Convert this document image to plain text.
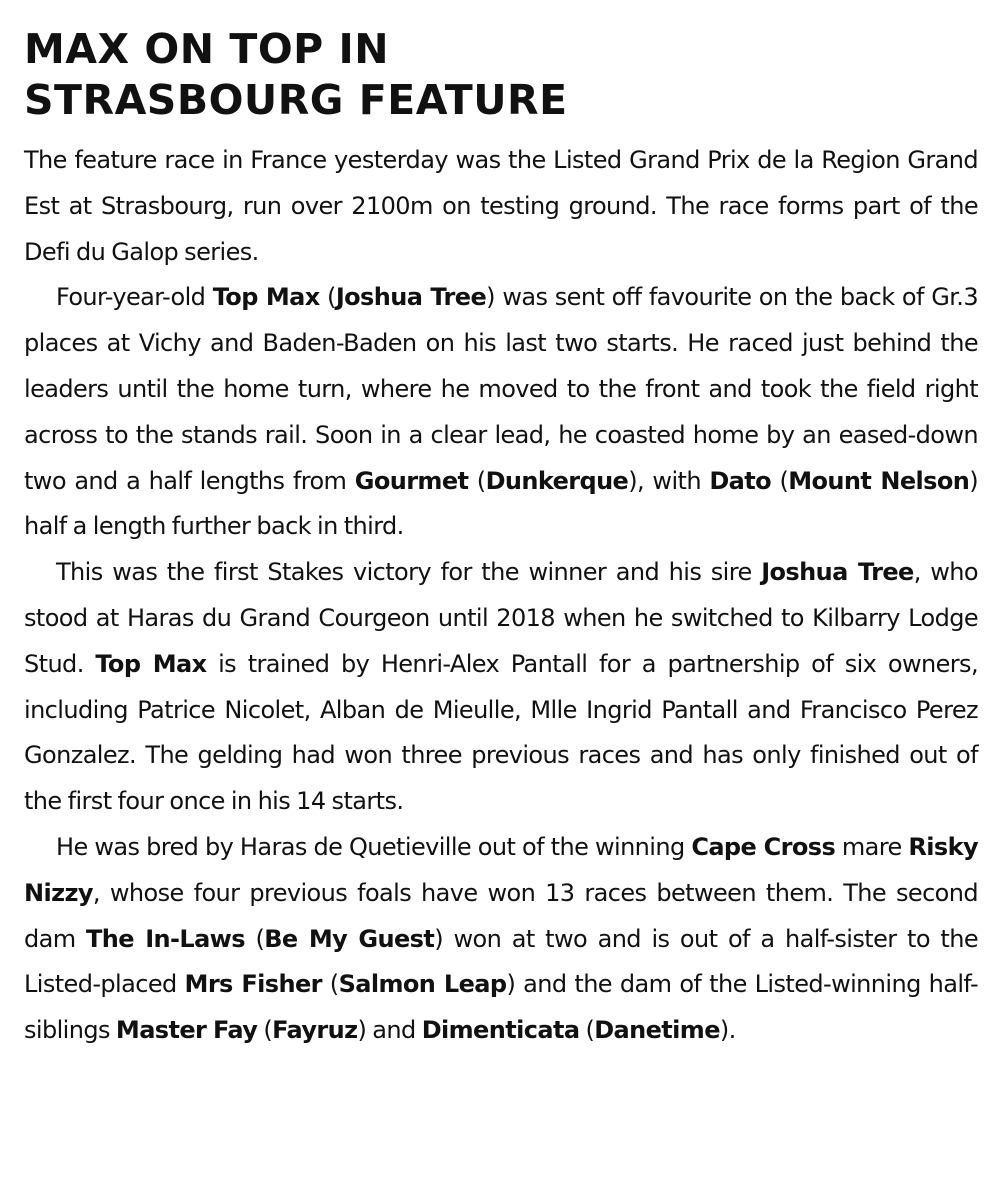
MAX ON TOP IN
STRASBOURG FEATURE

The feature race in France yesterday was the Listed Grand Prix de la Region Grand Est at Strasbourg, run over 2100m on testing ground. The race forms part of the Defi du Galop series.

Four-year-old Top Max (Joshua Tree) was sent off favourite on the back of Gr.3 places at Vichy and Baden-Baden on his last two starts. He raced just behind the leaders until the home turn, where he moved to the front and took the field right across to the stands rail. Soon in a clear lead, he coasted home by an eased-down two and a half lengths from Gourmet (Dunkerque), with Dato (Mount Nelson) half a length further back in third.

This was the first Stakes victory for the winner and his sire Joshua Tree, who stood at Haras du Grand Courgeon until 2018 when he switched to Kilbarry Lodge Stud. Top Max is trained by Henri-Alex Pantall for a partnership of six owners, including Patrice Nicolet, Alban de Mieulle, Mlle Ingrid Pantall and Francisco Perez Gonzalez. The gelding had won three previous races and has only finished out of the first four once in his 14 starts.

He was bred by Haras de Quetieville out of the winning Cape Cross mare Risky Nizzy, whose four previous foals have won 13 races between them. The second dam The In-Laws (Be My Guest) won at two and is out of a half-sister to the Listed-placed Mrs Fisher (Salmon Leap) and the dam of the Listed-winning half-siblings Master Fay (Fayruz) and Dimenticata (Danetime).
